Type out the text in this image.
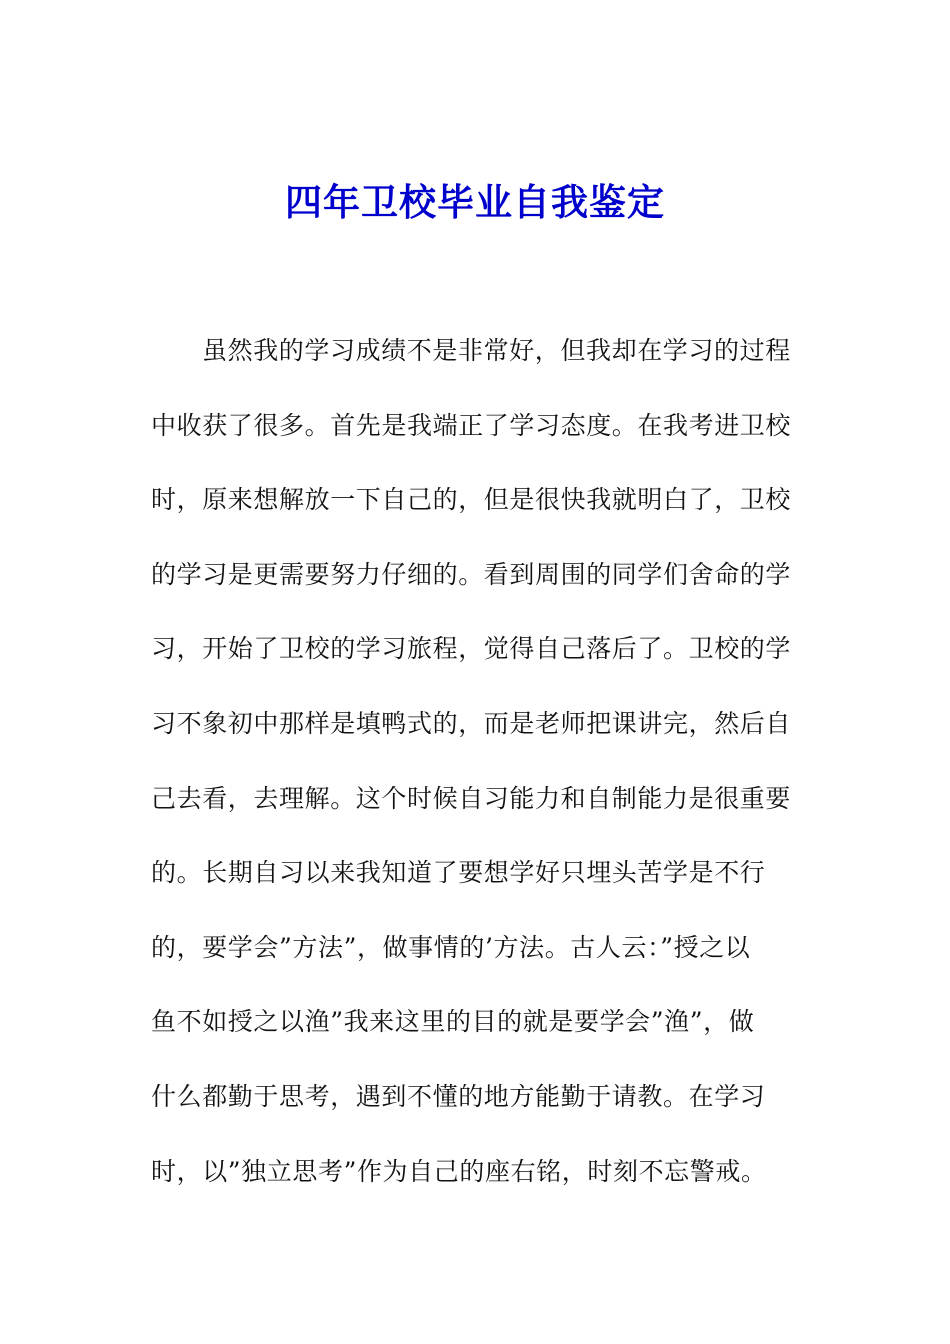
四年卫校毕业自我鉴定
虽然我的学习成绩不是非常好，但我却在学习的过程
中收获了很多。首先是我端正了学习态度。在我考进卫校
时，原来想解放一下自己的，但是很快我就明白了，卫校
的学习是更需要努力仔细的。看到周围的同学们舍命的学
习，开始了卫校的学习旅程，觉得自己落后了。卫校的学
习不象初中那样是填鸭式的，而是老师把课讲完，然后自
己去看，去理解。这个时候自习能力和自制能力是很重要
的。长期自习以来我知道了要想学好只埋头苦学是不行
的，要学会”方法”，做事情的’方法。古人云：”授之以
鱼不如授之以渔”我来这里的目的就是要学会”渔”，做
什么都勤于思考，遇到不懂的地方能勤于请教。在学习
时，以”独立思考”作为自己的座右铭，时刻不忘警戒。
